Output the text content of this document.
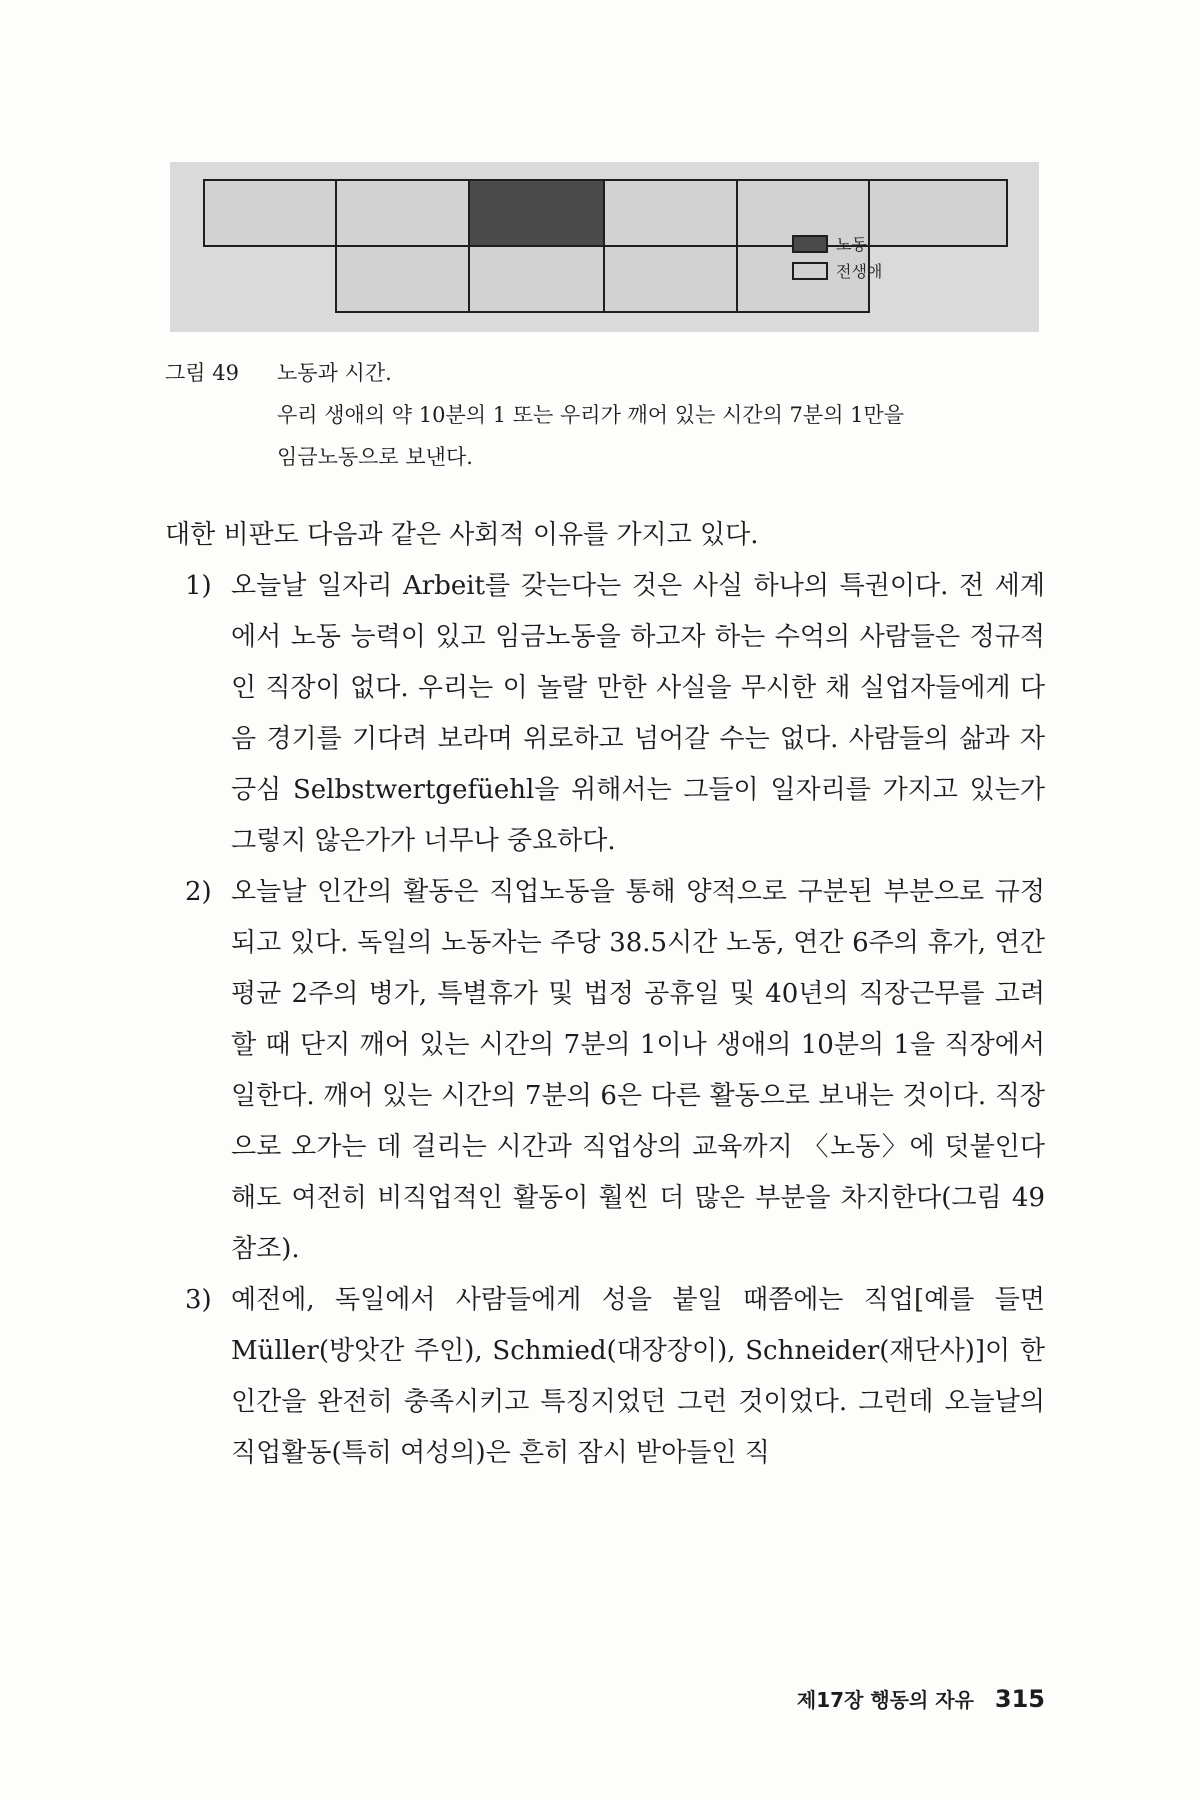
노동
전생애
그림 49 노동과 시간.
우리 생애의 약 10분의 1 또는 우리가 깨어 있는 시간의 7분의 1만을
임금노동으로 보낸다.

대한 비판도 다음과 같은 사회적 이유를 가지고 있다.

1) 오늘날 일자리 Arbeit를 갖는다는 것은 사실 하나의 특권이다. 전 세계에서 노동 능력이 있고 임금노동을 하고자 하는 수억의 사람들은 정규적인 직장이 없다. 우리는 이 놀랄 만한 사실을 무시한 채 실업자들에게 다음 경기를 기다려 보라며 위로하고 넘어갈 수는 없다. 사람들의 삶과 자긍심 Selbstwertgefüehl을 위해서는 그들이 일자리를 가지고 있는가 그렇지 않은가가 너무나 중요하다.
2) 오늘날 인간의 활동은 직업노동을 통해 양적으로 구분된 부분으로 규정되고 있다. 독일의 노동자는 주당 38.5시간 노동, 연간 6주의 휴가, 연간 평균 2주의 병가, 특별휴가 및 법정 공휴일 및 40년의 직장근무를 고려할 때 단지 깨어 있는 시간의 7분의 1이나 생애의 10분의 1을 직장에서 일한다. 깨어 있는 시간의 7분의 6은 다른 활동으로 보내는 것이다. 직장으로 오가는 데 걸리는 시간과 직업상의 교육까지 〈노동〉에 덧붙인다 해도 여전히 비직업적인 활동이 훨씬 더 많은 부분을 차지한다(그림 49참조).
3) 예전에, 독일에서 사람들에게 성을 붙일 때쯤에는 직업[예를 들면 Müller(방앗간 주인), Schmied(대장장이), Schneider(재단사)]이 한 인간을 완전히 충족시키고 특징지었던 그런 것이었다. 그런데 오늘날의 직업활동(특히 여성의)은 흔히 잠시 받아들인 직
제17장 행동의 자유 315
